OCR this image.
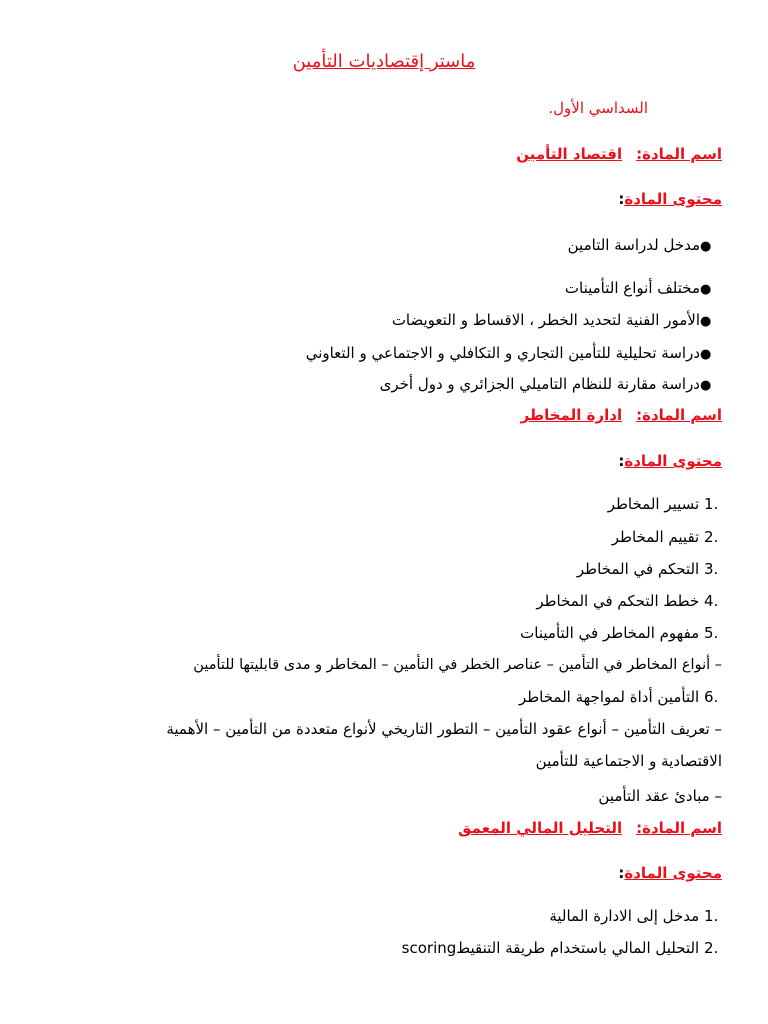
ماستر إقتصاديات التأمين
السداسي الأول.
اسم المادة:اقتصاد التأمين
محتوى المادة:
●مدخل لدراسة التامين
●مختلف أنواع التأمينات
●الأمور الفنية لتحديد الخطر ، الاقساط و التعويضات
●دراسة تحليلية للتأمين التجاري و التكافلي و الاجتماعي و التعاوني
●دراسة مقارنة للنظام التاميلي الجزائري و دول أخرى
اسم المادة:ادارة المخاطر
محتوى المادة:
1. تسيير المخاطر
2. تقييم المخاطر
3. التحكم في المخاطر
4. خطط التحكم في المخاطر
5. مفهوم المخاطر في التأمينات
– أنواع المخاطر في التأمين – عناصر الخطر في التأمين – المخاطر و مدى قابليتها للتأمين
6. التأمين أداة لمواجهة المخاطر
– تعريف التأمين – أنواع عقود التأمين – التطور التاريخي لأنواع متعددة من التأمين – الأهمية الاقتصادية و الاجتماعية للتأمين
– مبادئ عقد التأمين
اسم المادة:التحليل المالي المعمق
محتوى المادة:
1. مدخل إلى الادارة المالية
2. التحليل المالي باستخدام طريقة التنقيطscoring
